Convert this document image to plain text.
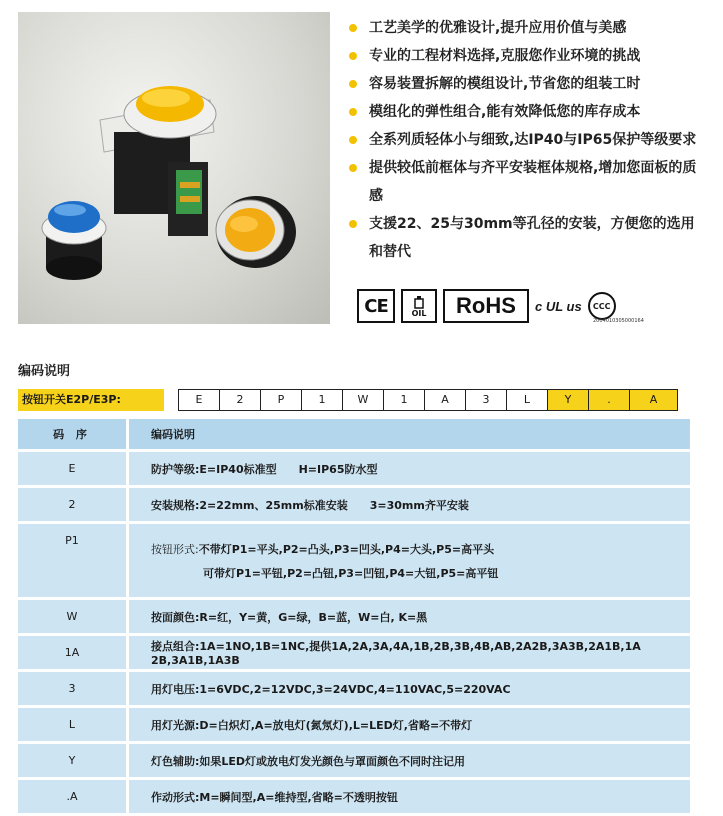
工艺美学的优雅设计,提升应用价值与美感
专业的工程材料选择,克服您作业环境的挑战
容易装置拆解的模组设计,节省您的组装工时
模组化的弹性组合,能有效降低您的库存成本
全系列质轻体小与细致,达IP40与IP65保护等级要求
提供较低前框体与齐平安装框体规格,增加您面板的质感
支援22、25与30mm等孔径的安装，方便您的选用和替代
CE	OIL	RoHS	c UL us	CCC
2004010305000164
编码说明
按钮开关E2P/E3P:	E	2	P	1	W	1	A	3	L	Y	.	A
码 序	编码说明
E	防护等级:E=IP40标准型　　H=IP65防水型
2	安装规格:2=22mm、25mm标准安装　　3=30mm齐平安装
P1	按钮形式:不带灯P1=平头,P2=凸头,P3=凹头,P4=大头,P5=高平头
可带灯P1=平钮,P2=凸钮,P3=凹钮,P4=大钮,P5=高平钮

W	按面颜色:R=红，Y=黄，G=绿，B=蓝，W=白, K=黑
1A	接点组合:1A=1NO,1B=1NC,提供1A,2A,3A,4A,1B,2B,3B,4B,AB,2A2B,3A3B,2A1B,1A 2B,3A1B,1A3B
3	用灯电压:1=6VDC,2=12VDC,3=24VDC,4=110VAC,5=220VAC
L	用灯光源:D=白炽灯,A=放电灯(氮氖灯),L=LED灯,省略=不带灯
Y	灯色辅助:如果LED灯或放电灯发光颜色与罩面颜色不同时注记用
.A	作动形式:M=瞬间型,A=维持型,省略=不透明按钮
